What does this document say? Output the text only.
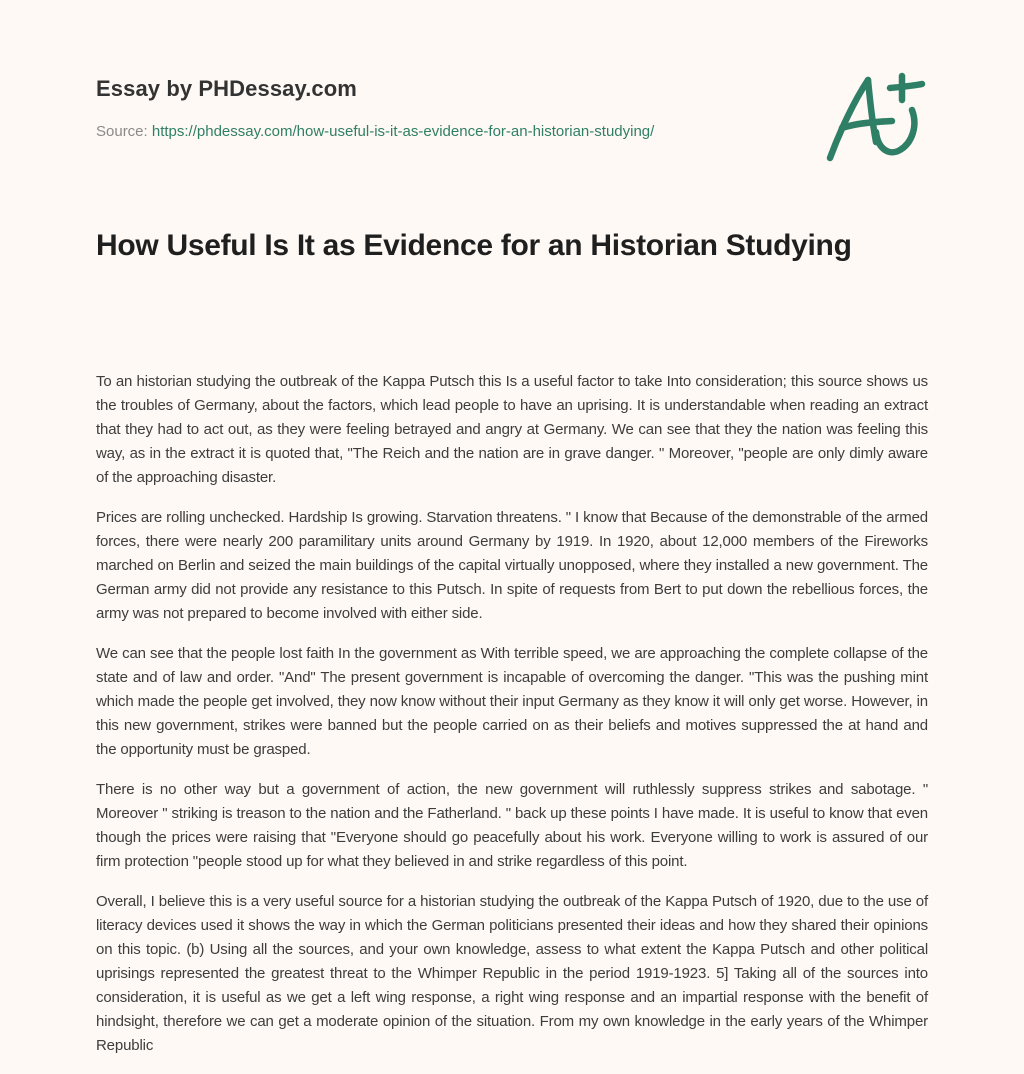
Essay by PHDessay.com
Source: https://phdessay.com/how-useful-is-it-as-evidence-for-an-historian-studying/
How Useful Is It as Evidence for an Historian Studying

To an historian studying the outbreak of the Kappa Putsch this Is a useful factor to take Into consideration; this source shows us the troubles of Germany, about the factors, which lead people to have an uprising. It is understandable when reading an extract that they had to act out, as they were feeling betrayed and angry at Germany. We can see that they the nation was feeling this way, as in the extract it is quoted that, "The Reich and the nation are in grave danger. " Moreover, "people are only dimly aware of the approaching disaster.

Prices are rolling unchecked. Hardship Is growing. Starvation threatens. " I know that Because of the demonstrable of the armed forces, there were nearly 200 paramilitary units around Germany by 1919. In 1920, about 12,000 members of the Fireworks marched on Berlin and seized the main buildings of the capital virtually unopposed, where they installed a new government. The German army did not provide any resistance to this Putsch. In spite of requests from Bert to put down the rebellious forces, the army was not prepared to become involved with either side.

We can see that the people lost faith In the government as With terrible speed, we are approaching the complete collapse of the state and of law and order. "And" The present government is incapable of overcoming the danger. "This was the pushing mint which made the people get involved, they now know without their input Germany as they know it will only get worse. However, in this new government, strikes were banned but the people carried on as their beliefs and motives suppressed the at hand and the opportunity must be grasped.

There is no other way but a government of action, the new government will ruthlessly suppress strikes and sabotage. " Moreover " striking is treason to the nation and the Fatherland. " back up these points I have made. It is useful to know that even though the prices were raising that "Everyone should go peacefully about his work. Everyone willing to work is assured of our firm protection "people stood up for what they believed in and strike regardless of this point.

Overall, I believe this is a very useful source for a historian studying the outbreak of the Kappa Putsch of 1920, due to the use of literacy devices used it shows the way in which the German politicians presented their ideas and how they shared their opinions on this topic. (b) Using all the sources, and your own knowledge, assess to what extent the Kappa Putsch and other political uprisings represented the greatest threat to the Whimper Republic in the period 1919-1923. 5] Taking all of the sources into consideration, it is useful as we get a left wing response, a right wing response and an impartial response with the benefit of hindsight, therefore we can get a moderate opinion of the situation. From my own knowledge in the early years of the Whimper Republic
